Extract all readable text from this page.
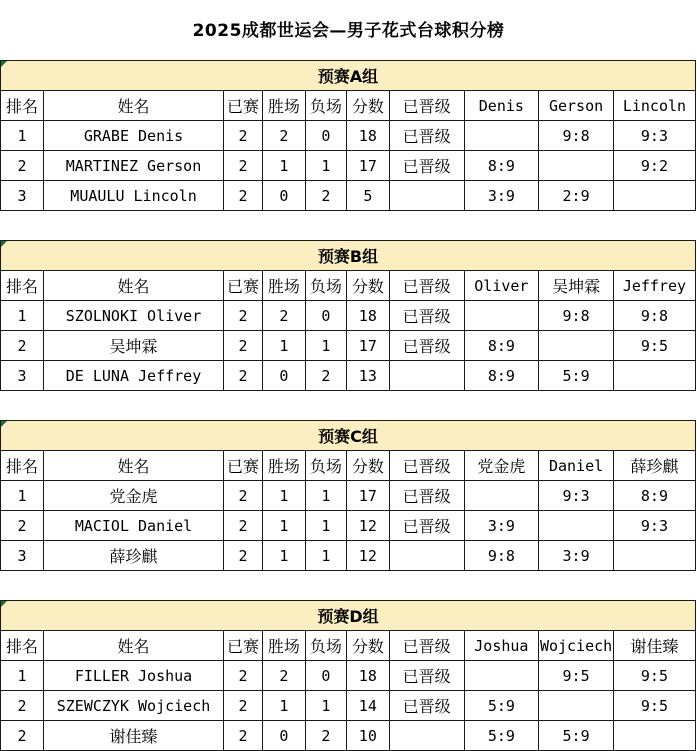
2025成都世运会—男子花式台球积分榜
预赛A组									
排名	姓名	已赛	胜场	负场	分数	已晋级	Denis	Gerson	Lincoln
1	GRABE Denis	2	2	0	18	已晋级		9:8	9:3
2	MARTINEZ Gerson	2	1	1	17	已晋级	8:9		9:2
3	MUAULU Lincoln	2	0	2	5		3:9	2:9	
预赛B组									
排名	姓名	已赛	胜场	负场	分数	已晋级	Oliver	吴坤霖	Jeffrey
1	SZOLNOKI Oliver	2	2	0	18	已晋级		9:8	9:8
2	吴坤霖	2	1	1	17	已晋级	8:9		9:5
3	DE LUNA Jeffrey	2	0	2	13		8:9	5:9	
预赛C组									
排名	姓名	已赛	胜场	负场	分数	已晋级	党金虎	Daniel	薛珍麒
1	党金虎	2	1	1	17	已晋级		9:3	8:9
2	MACIOL Daniel	2	1	1	12	已晋级	3:9		9:3
3	薛珍麒	2	1	1	12		9:8	3:9	
预赛D组									
排名	姓名	已赛	胜场	负场	分数	已晋级	Joshua	Wojciech	谢佳臻
1	FILLER Joshua	2	2	0	18	已晋级		9:5	9:5
2	SZEWCZYK Wojciech	2	1	1	14	已晋级	5:9		9:5
2	谢佳臻	2	0	2	10		5:9	5:9	
